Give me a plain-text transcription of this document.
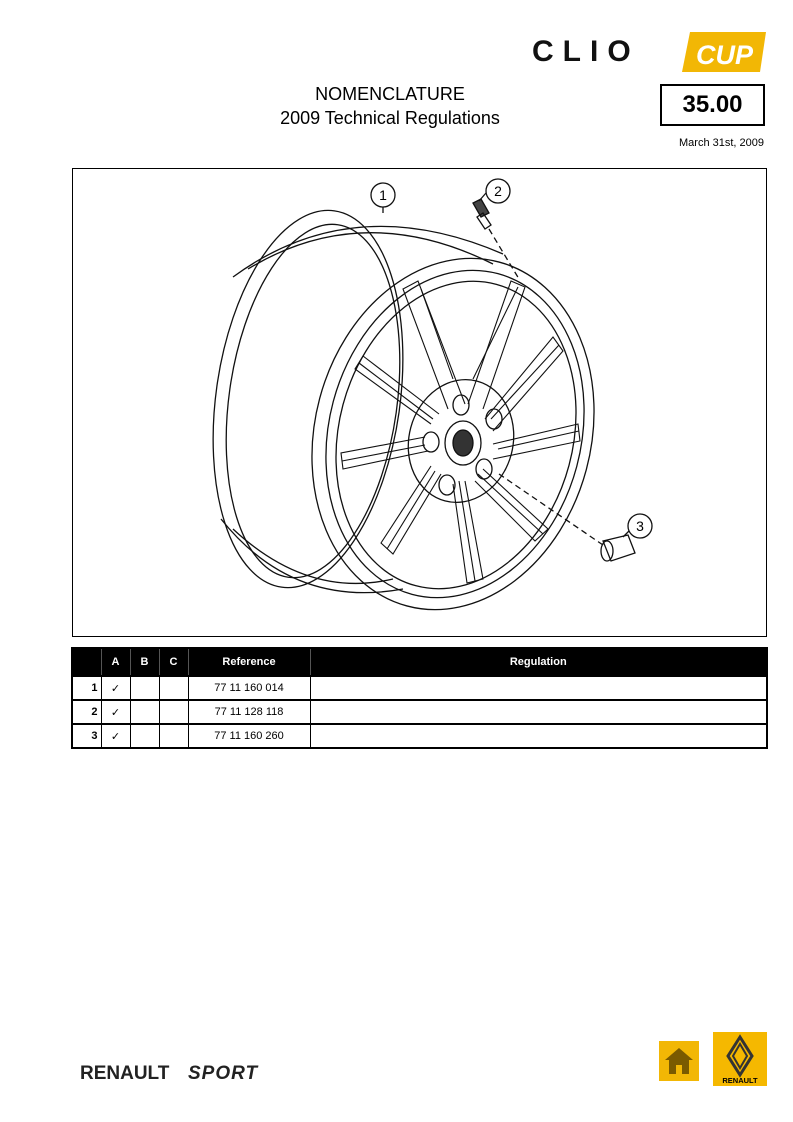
CLIO CUP
NOMENCLATURE
2009 Technical Regulations	35.00
March 31st, 2009
1	2
3
	A	B	C	Reference	Regulation
1	✓			77 11 160 014	
2	✓			77 11 128 118	
3	✓			77 11 160 260	
RENAULT SPORT	RENAULT
